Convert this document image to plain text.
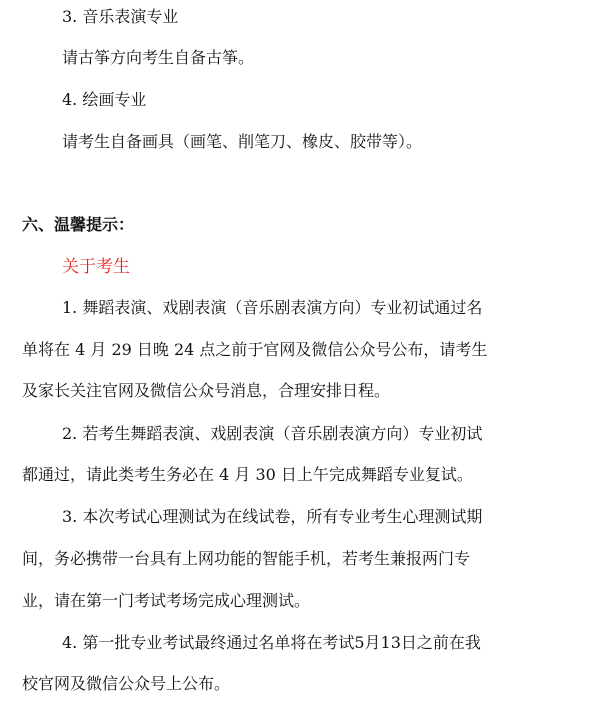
3. 音乐表演专业

请古筝方向考生自备古筝。

4. 绘画专业

请考生自备画具（画笔、削笔刀、橡皮、胶带等）。

六、温馨提示：

关于考生

1. 舞蹈表演、戏剧表演（音乐剧表演方向）专业初试通过名

单将在 4 月 29 日晚 24 点之前于官网及微信公众号公布，请考生

及家长关注官网及微信公众号消息，合理安排日程。

2. 若考生舞蹈表演、戏剧表演（音乐剧表演方向）专业初试

都通过，请此类考生务必在 4 月 30 日上午完成舞蹈专业复试。

3. 本次考试心理测试为在线试卷，所有专业考生心理测试期

间，务必携带一台具有上网功能的智能手机，若考生兼报两门专

业，请在第一门考试考场完成心理测试。

4. 第一批专业考试最终通过名单将在考试5月13日之前在我

校官网及微信公众号上公布。
